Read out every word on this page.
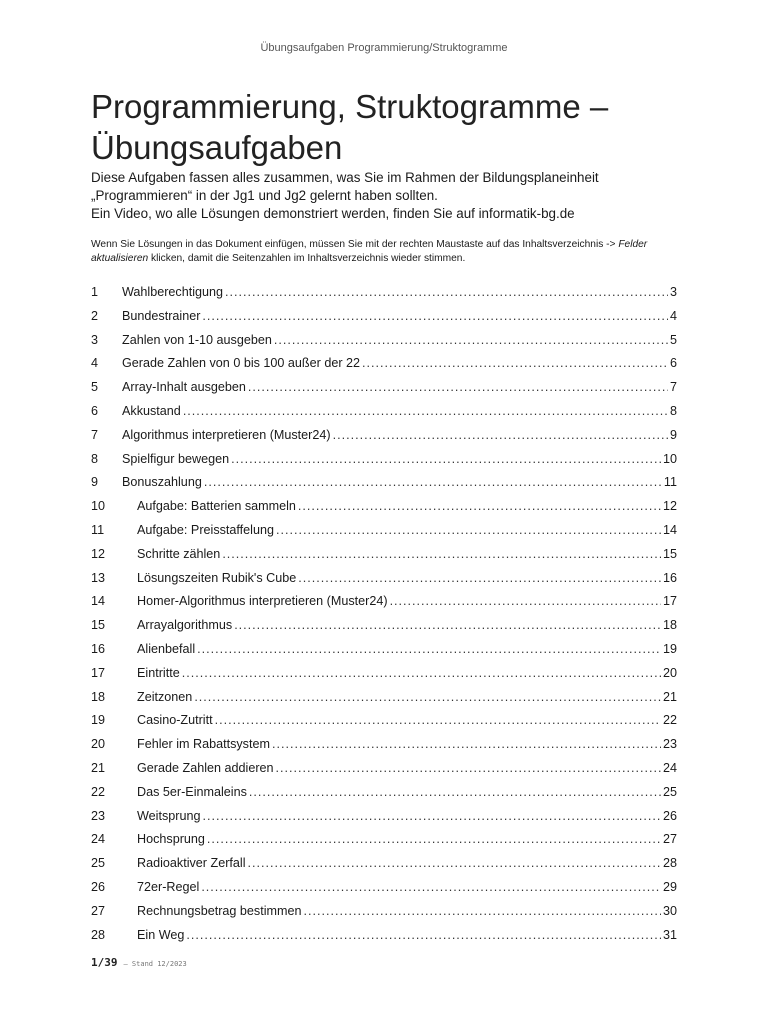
Übungsaufgaben Programmierung/Struktogramme
Programmierung, Struktogramme –
Übungsaufgaben
Diese Aufgaben fassen alles zusammen, was Sie im Rahmen der Bildungsplaneinheit
„Programmieren“ in der Jg1 und Jg2 gelernt haben sollten.
Ein Video, wo alle Lösungen demonstriert werden, finden Sie auf informatik-bg.de
Wenn Sie Lösungen in das Dokument einfügen, müssen Sie mit der rechten Maustaste auf das Inhaltsverzeichnis -> Felder aktualisieren klicken, damit die Seitenzahlen im Inhaltsverzeichnis wieder stimmen.
1	Wahlberechtigung .....	3
2	Bundestrainer .....	4
3	Zahlen von 1-10 ausgeben .....	5
4	Gerade Zahlen von 0 bis 100 außer der 22 .....	6
5	Array-Inhalt ausgeben .....	7
6	Akkustand .....	8
7	Algorithmus interpretieren (Muster24) .....	9
8	Spielfigur bewegen .....	10
9	Bonuszahlung .....	11
10	Aufgabe: Batterien sammeln .....	12
11	Aufgabe: Preisstaffelung .....	14
12	Schritte zählen .....	15
13	Lösungszeiten Rubik's Cube .....	16
14	Homer-Algorithmus interpretieren (Muster24) .....	17
15	Arrayalgorithmus .....	18
16	Alienbefall .....	19
17	Eintritte .....	20
18	Zeitzonen .....	21
19	Casino-Zutritt .....	22
20	Fehler im Rabattsystem .....	23
21	Gerade Zahlen addieren .....	24
22	Das 5er-Einmaleins .....	25
23	Weitsprung .....	26
24	Hochsprung .....	27
25	Radioaktiver Zerfall .....	28
26	72er-Regel .....	29
27	Rechnungsbetrag bestimmen .....	30
28	Ein Weg .....	31
1/39 – Stand 12/2023
